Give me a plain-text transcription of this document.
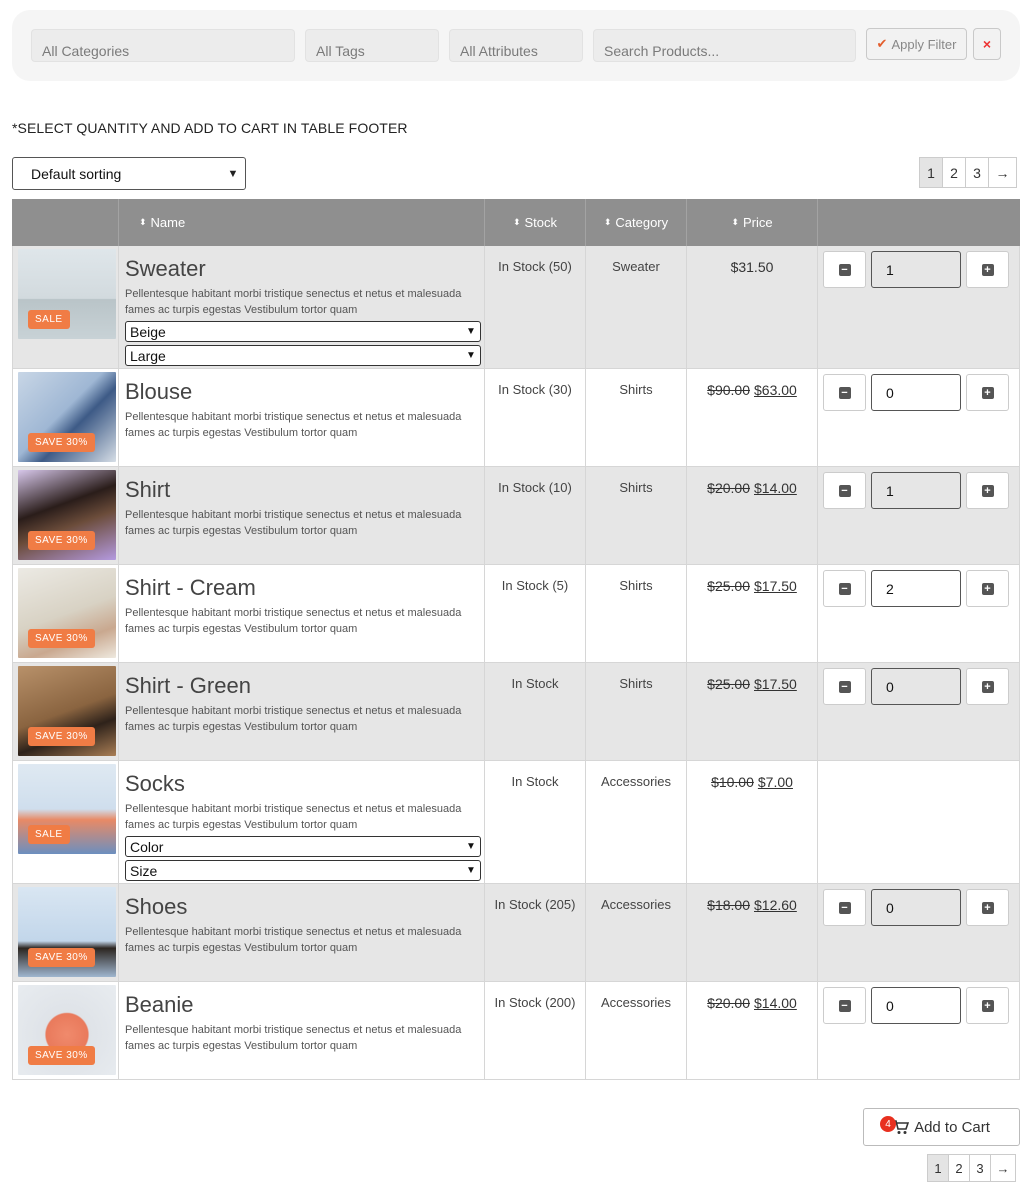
All Categories	All Tags	All Attributes	Search Products...	✔ Apply Filter	×
*SELECT QUANTITY AND ADD TO CART IN TABLE FOOTER
Default sorting	▼	1	2	3	→
⬍ Name	⬍ Stock	⬍ Category	⬍ Price
SALE
Sweater
Pellentesque habitant morbi tristique senectus et netus et malesuada fames ac turpis egestas Vestibulum tortor quam
Beige	▼
Large	▼
In Stock (50)	Sweater	$31.50	−	1	+
SAVE 30%
Blouse
Pellentesque habitant morbi tristique senectus et netus et malesuada fames ac turpis egestas Vestibulum tortor quam
In Stock (30)	Shirts	$90.00 $63.00	−	0	+
SAVE 30%
Shirt
Pellentesque habitant morbi tristique senectus et netus et malesuada fames ac turpis egestas Vestibulum tortor quam
In Stock (10)	Shirts	$20.00 $14.00	−	1	+
SAVE 30%
Shirt - Cream
Pellentesque habitant morbi tristique senectus et netus et malesuada fames ac turpis egestas Vestibulum tortor quam
In Stock (5)	Shirts	$25.00 $17.50	−	2	+
SAVE 30%
Shirt - Green
Pellentesque habitant morbi tristique senectus et netus et malesuada fames ac turpis egestas Vestibulum tortor quam
In Stock	Shirts	$25.00 $17.50	−	0	+
SALE
Socks
Pellentesque habitant morbi tristique senectus et netus et malesuada fames ac turpis egestas Vestibulum tortor quam
Color	▼
Size	▼
In Stock	Accessories	$10.00 $7.00
SAVE 30%
Shoes
Pellentesque habitant morbi tristique senectus et netus et malesuada fames ac turpis egestas Vestibulum tortor quam
In Stock (205)	Accessories	$18.00 $12.60	−	0	+
SAVE 30%
Beanie
Pellentesque habitant morbi tristique senectus et netus et malesuada fames ac turpis egestas Vestibulum tortor quam
In Stock (200)	Accessories	$20.00 $14.00	−	0	+
4	Add to Cart
1	2	3 →
